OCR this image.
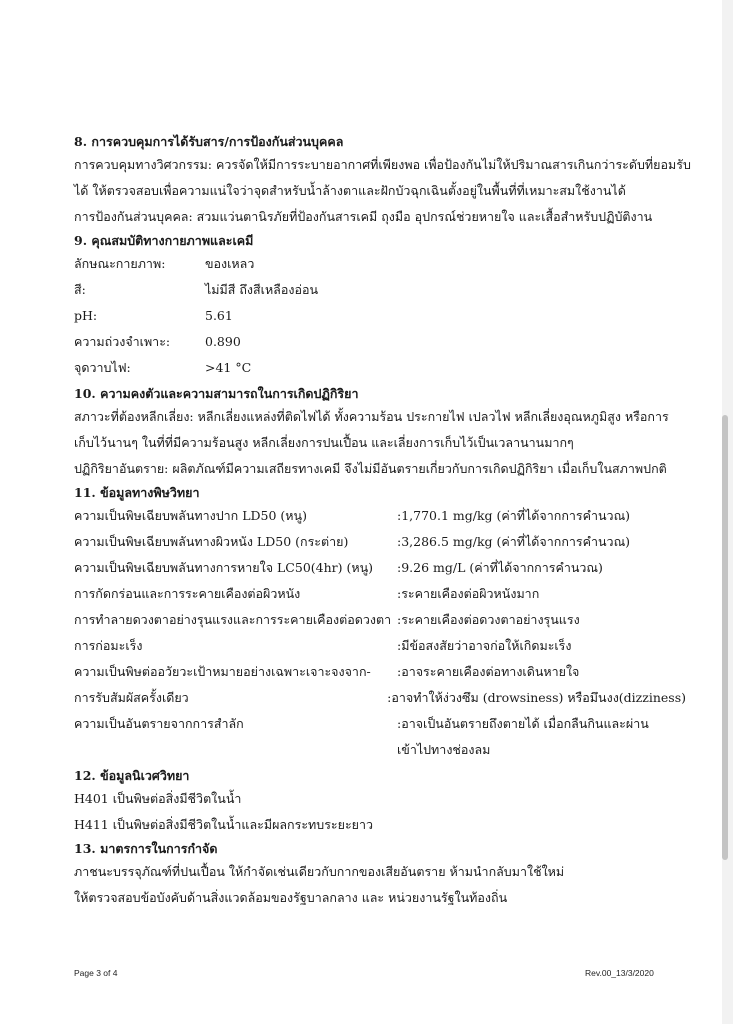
8. การควบคุมการได้รับสาร/การป้องกันส่วนบุคคล
การควบคุมทางวิศวกรรม: ควรจัดให้มีการระบายอากาศที่เพียงพอ เพื่อป้องกันไม่ให้ปริมาณสารเกินกว่าระดับที่ยอมรับ
ได้ ให้ตรวจสอบเพื่อความแน่ใจว่าจุดสำหรับน้ำล้างตาและฝักบัวฉุกเฉินตั้งอยู่ในพื้นที่ที่เหมาะสมใช้งานได้
การป้องกันส่วนบุคคล: สวมแว่นตานิรภัยที่ป้องกันสารเคมี ถุงมือ อุปกรณ์ช่วยหายใจ และเสื้อสำหรับปฏิบัติงาน
9. คุณสมบัติทางกายภาพและเคมี
ลักษณะกายภาพ:	ของเหลว
สี:	ไม่มีสี ถึงสีเหลืองอ่อน
pH:	5.61
ความถ่วงจำเพาะ:	0.890
จุดวาบไฟ:	>41 °C
10. ความคงตัวและความสามารถในการเกิดปฏิกิริยา
สภาวะที่ต้องหลีกเลี่ยง: หลีกเลี่ยงแหล่งที่ติดไฟได้ ทั้งความร้อน ประกายไฟ เปลวไฟ หลีกเลี่ยงอุณหภูมิสูง หรือการ
เก็บไว้นานๆ ในที่ที่มีความร้อนสูง หลีกเลี่ยงการปนเปื้อน และเลี่ยงการเก็บไว้เป็นเวลานานมากๆ
ปฏิกิริยาอันตราย: ผลิตภัณฑ์มีความเสถียรทางเคมี จึงไม่มีอันตรายเกี่ยวกับการเกิดปฏิกิริยา เมื่อเก็บในสภาพปกติ
11. ข้อมูลทางพิษวิทยา
ความเป็นพิษเฉียบพลันทางปาก LD50 (หนู)	:1,770.1 mg/kg (ค่าที่ได้จากการคำนวณ)
ความเป็นพิษเฉียบพลันทางผิวหนัง LD50 (กระต่าย)	:3,286.5 mg/kg (ค่าที่ได้จากการคำนวณ)
ความเป็นพิษเฉียบพลันทางการหายใจ LC50(4hr) (หนู)	:9.26 mg/L (ค่าที่ได้จากการคำนวณ)
การกัดกร่อนและการระคายเคืองต่อผิวหนัง	:ระคายเคืองต่อผิวหนังมาก
การทำลายดวงตาอย่างรุนแรงและการระคายเคืองต่อดวงตา :ระคายเคืองต่อดวงตาอย่างรุนแรง
การก่อมะเร็ง	:มีข้อสงสัยว่าอาจก่อให้เกิดมะเร็ง
ความเป็นพิษต่ออวัยวะเป้าหมายอย่างเฉพาะเจาะจงจาก-	:อาจระคายเคืองต่อทางเดินหายใจ
การรับสัมผัสครั้งเดียว	:อาจทำให้ง่วงซึม (drowsiness) หรือมึนงง(dizziness)
ความเป็นอันตรายจากการสำลัก	:อาจเป็นอันตรายถึงตายได้ เมื่อกลืนกินและผ่าน
เข้าไปทางช่องลม
12. ข้อมูลนิเวศวิทยา
H401 เป็นพิษต่อสิ่งมีชีวิตในน้ำ
H411 เป็นพิษต่อสิ่งมีชีวิตในน้ำและมีผลกระทบระยะยาว
13. มาตรการในการกำจัด
ภาชนะบรรจุภัณฑ์ที่ปนเปื้อน ให้กำจัดเช่นเดียวกับกากของเสียอันตราย ห้ามนำกลับมาใช้ใหม่
ให้ตรวจสอบข้อบังคับด้านสิ่งแวดล้อมของรัฐบาลกลาง และ หน่วยงานรัฐในท้องถิ่น
Page 3 of 4	Rev.00_13/3/2020
